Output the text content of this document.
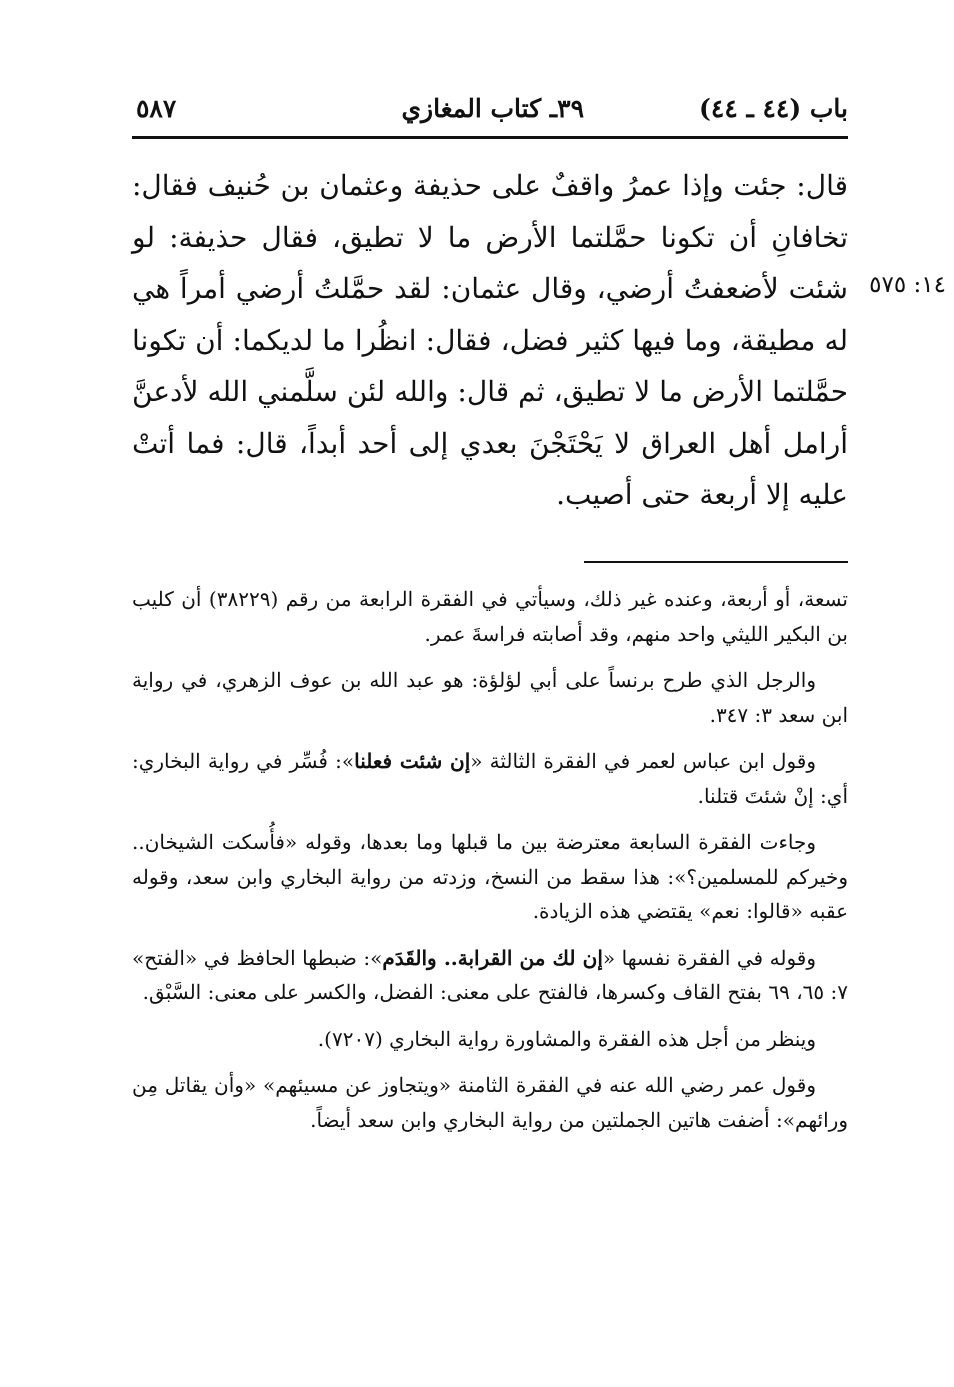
باب (٤٤ ـ ٤٤)
٣٩ـ كتاب المغازي
٥٨٧
١٤: ٥٧٥
قال: جئت وإذا عمرُ واقفٌ على حذيفة وعثمان بن حُنيف فقال: تخافانِ أن تكونا حمَّلتما الأرض ما لا تطيق، فقال حذيفة: لو شئت لأضعفتُ أرضي، وقال عثمان: لقد حمَّلتُ أرضي أمراً هي له مطيقة، وما فيها كثير فضل، فقال: انظُرا ما لديكما: أن تكونا حمَّلتما الأرض ما لا تطيق، ثم قال: والله لئن سلَّمني الله لأدعنَّ أرامل أهل العراق لا يَحْتَجْنَ بعدي إلى أحد أبداً، قال: فما أتتْ عليه إلا أربعة حتى أصيب.

تسعة، أو أربعة، وعنده غير ذلك، وسيأتي في الفقرة الرابعة من رقم (٣٨٢٢٩) أن كليب بن البكير الليثي واحد منهم، وقد أصابته فراسةَ عمر.

والرجل الذي طرح برنساً على أبي لؤلؤة: هو عبد الله بن عوف الزهري، في رواية ابن سعد ٣: ٣٤٧.

وقول ابن عباس لعمر في الفقرة الثالثة «إن شئت فعلنا»: فُسِّر في رواية البخاري: أي: إنْ شئتَ قتلنا.

وجاءت الفقرة السابعة معترضة بين ما قبلها وما بعدها، وقوله «فأُسكت الشيخان.. وخيركم للمسلمين؟»: هذا سقط من النسخ، وزدته من رواية البخاري وابن سعد، وقوله عقبه «قالوا: نعم» يقتضي هذه الزيادة.

وقوله في الفقرة نفسها «إن لك من القرابة.. والقَدَم»: ضبطها الحافظ في «الفتح» ٧: ٦٥، ٦٩ بفتح القاف وكسرها، فالفتح على معنى: الفضل، والكسر على معنى: السَّبْق.

وينظر من أجل هذه الفقرة والمشاورة رواية البخاري (٧٢٠٧).

وقول عمر رضي الله عنه في الفقرة الثامنة «ويتجاوز عن مسيئهم» «وأن يقاتل مِن ورائهم»: أضفت هاتين الجملتين من رواية البخاري وابن سعد أيضاً.
